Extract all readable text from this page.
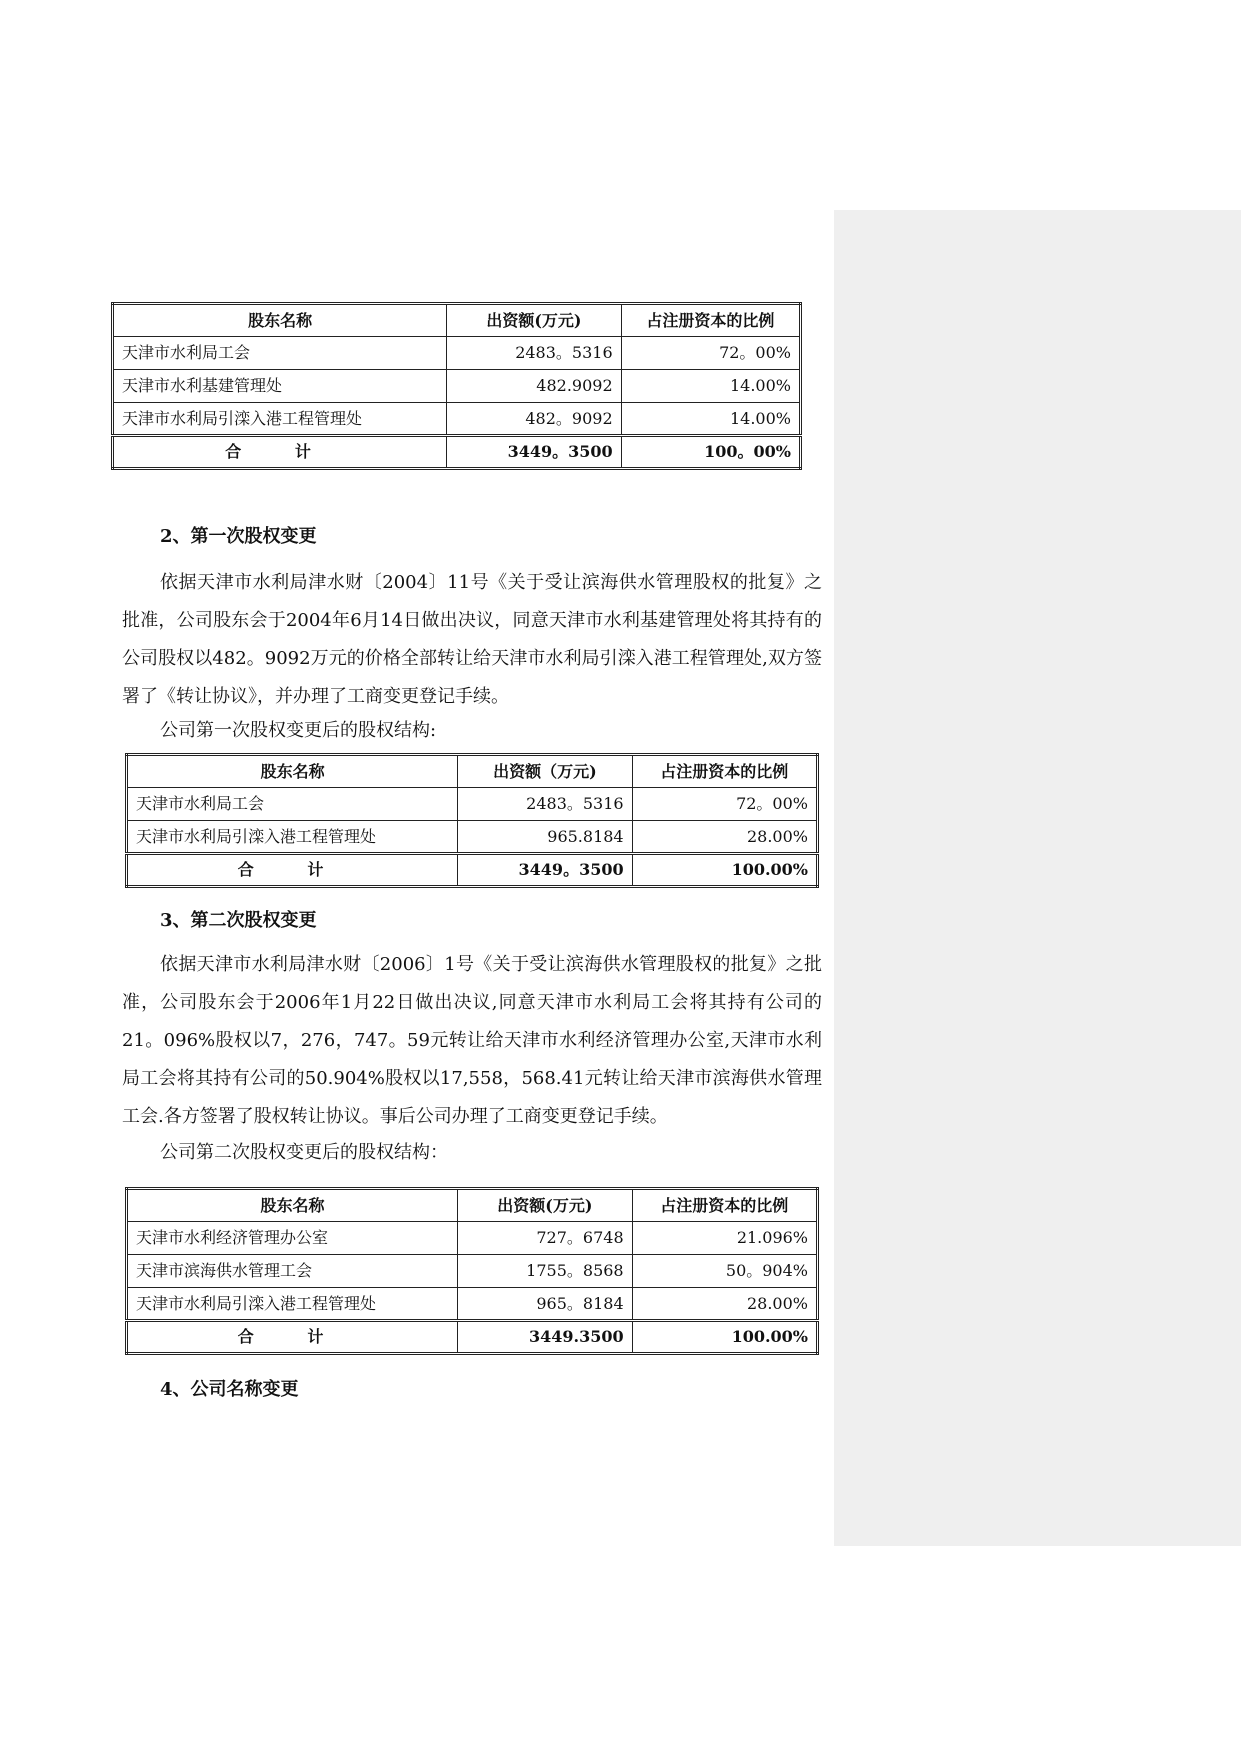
股东名称	出资额(万元)	占注册资本的比例
天津市水利局工会	2483。5316	72。00%
天津市水利基建管理处	482.9092	14.00%
天津市水利局引滦入港工程管理处	482。9092	14.00%
合 计	3449。3500	100。00%
2、第一次股权变更
依据天津市水利局津水财〔2004〕11号《关于受让滨海供水管理股权的批复》之批准，公司股东会于2004年6月14日做出决议，同意天津市水利基建管理处将其持有的公司股权以482。9092万元的价格全部转让给天津市水利局引滦入港工程管理处,双方签署了《转让协议》，并办理了工商变更登记手续。
公司第一次股权变更后的股权结构:
股东名称	出资额（万元)	占注册资本的比例
天津市水利局工会	2483。5316	72。00%
天津市水利局引滦入港工程管理处	965.8184	28.00%
合 计	3449。3500	100.00%
3、第二次股权变更
依据天津市水利局津水财〔2006〕1号《关于受让滨海供水管理股权的批复》之批准，公司股东会于2006年1月22日做出决议,同意天津市水利局工会将其持有公司的21。096%股权以7，276，747。59元转让给天津市水利经济管理办公室,天津市水利局工会将其持有公司的50.904%股权以17,558，568.41元转让给天津市滨海供水管理工会.各方签署了股权转让协议。事后公司办理了工商变更登记手续。
公司第二次股权变更后的股权结构：
股东名称	出资额(万元)	占注册资本的比例
天津市水利经济管理办公室	727。6748	21.096%
天津市滨海供水管理工会	1755。8568	50。904%
天津市水利局引滦入港工程管理处	965。8184	28.00%
合 计	3449.3500	100.00%
4、公司名称变更
